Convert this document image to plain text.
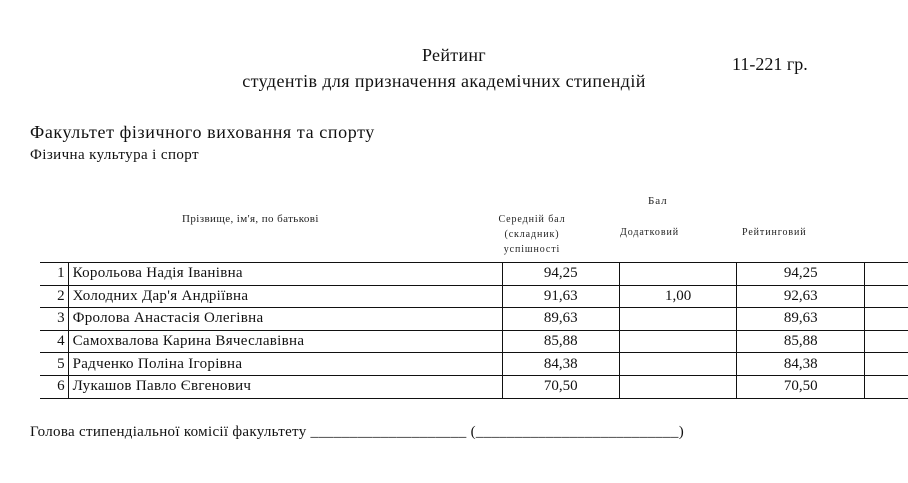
Рейтинг
студентів для призначення академічних стипендій
11-221 гр.
Факультет фізичного виховання та спорту
Фізична культура і спорт
Прізвище, ім'я, по батькові
Бал
Середній бал (складник) успішності
Додатковий	Рейтинговий
1	Корольова Надія Іванівна	94,25		94,25	
2	Холодних Дар'я Андріївна	91,63	1,00	92,63	
3	Фролова Анастасія Олегівна	89,63		89,63	
4	Самохвалова Карина Вячеславівна	85,88		85,88	
5	Радченко Поліна Ігорівна	84,38		84,38	
6	Лукашов Павло Євгенович	70,50		70,50	
Голова стипендіальної комісії факультету ____________________ (__________________________)
